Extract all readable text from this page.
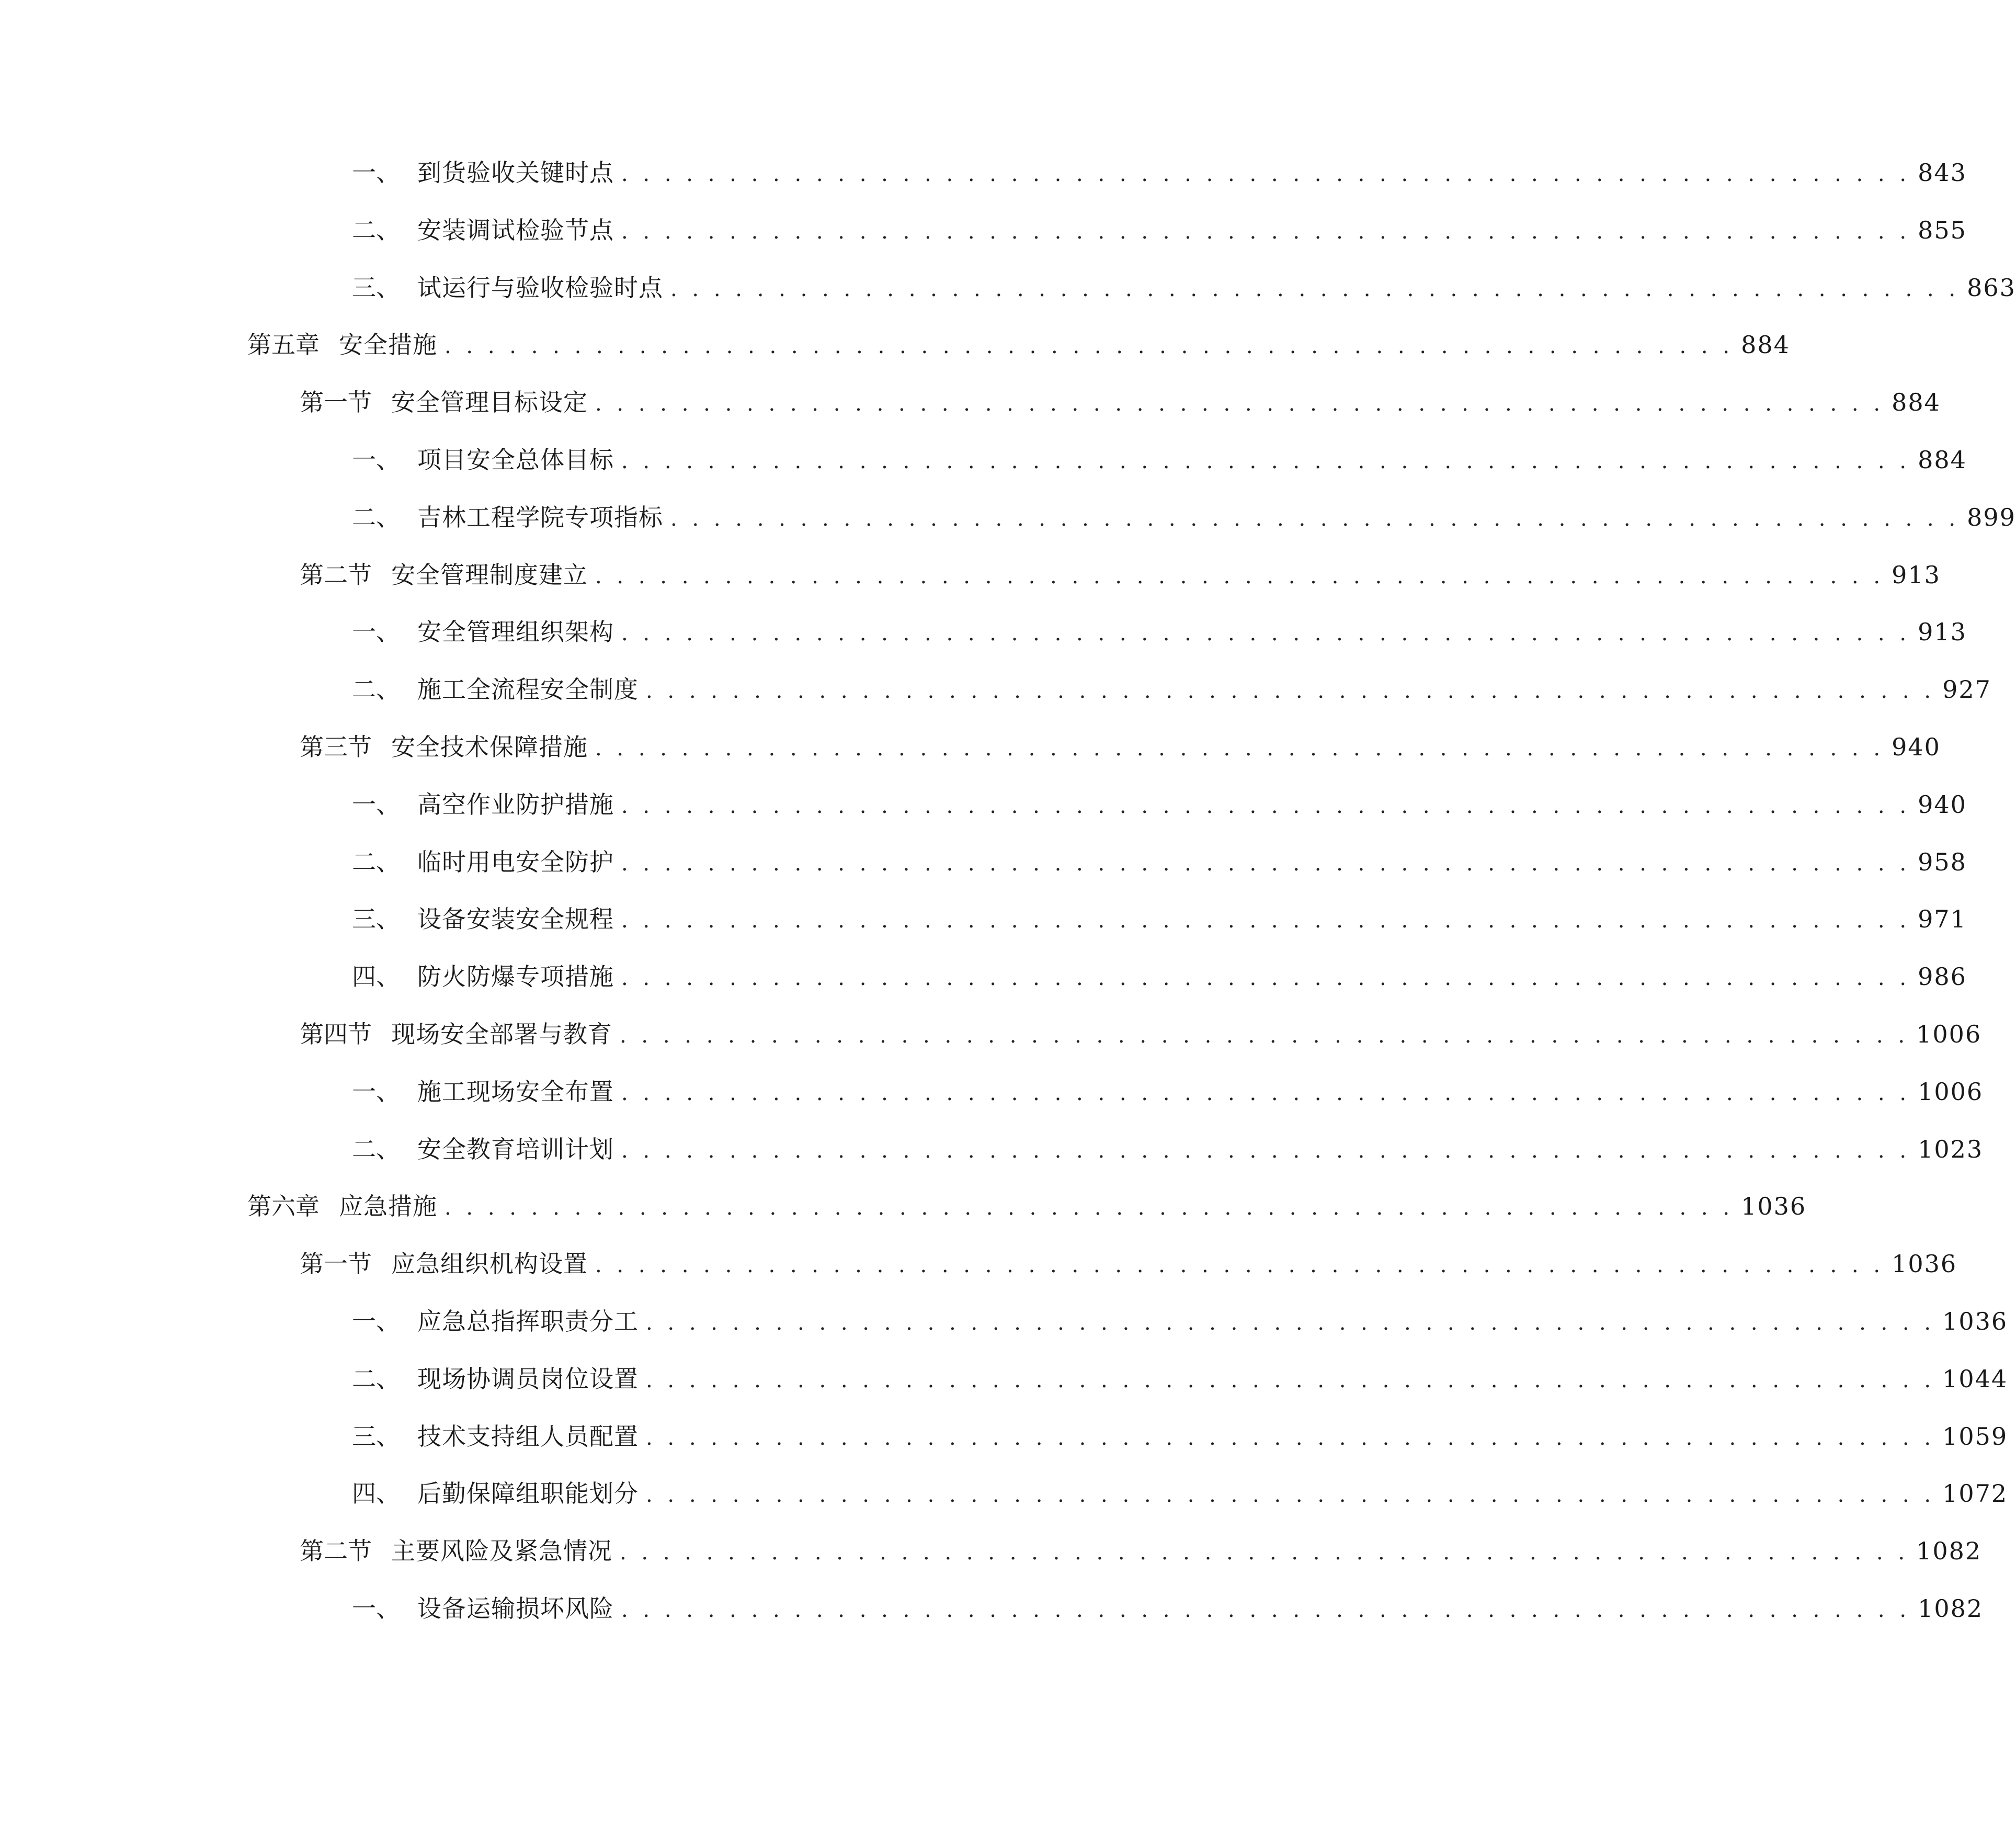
一、 到货验收关键时点 . . . . . . . . . . . . . . . . . . . . . . . . . . . . . . . . . . . . . . . . . . . . . . . . . . . . . . . . . . . . 843
二、 安装调试检验节点 . . . . . . . . . . . . . . . . . . . . . . . . . . . . . . . . . . . . . . . . . . . . . . . . . . . . . . . . . . . . 855
三、 试运行与验收检验时点 . . . . . . . . . . . . . . . . . . . . . . . . . . . . . . . . . . . . . . . . . . . . . . . . . . . . . . . . . . . . 863
第五章 安全措施 . . . . . . . . . . . . . . . . . . . . . . . . . . . . . . . . . . . . . . . . . . . . . . . . . . . . . . . . . . . . 884
第一节 安全管理目标设定 . . . . . . . . . . . . . . . . . . . . . . . . . . . . . . . . . . . . . . . . . . . . . . . . . . . . . . . . . . . . 884
一、 项目安全总体目标 . . . . . . . . . . . . . . . . . . . . . . . . . . . . . . . . . . . . . . . . . . . . . . . . . . . . . . . . . . . . 884
二、 吉林工程学院专项指标 . . . . . . . . . . . . . . . . . . . . . . . . . . . . . . . . . . . . . . . . . . . . . . . . . . . . . . . . . . . . 899
第二节 安全管理制度建立 . . . . . . . . . . . . . . . . . . . . . . . . . . . . . . . . . . . . . . . . . . . . . . . . . . . . . . . . . . . . 913
一、 安全管理组织架构 . . . . . . . . . . . . . . . . . . . . . . . . . . . . . . . . . . . . . . . . . . . . . . . . . . . . . . . . . . . . 913
二、 施工全流程安全制度 . . . . . . . . . . . . . . . . . . . . . . . . . . . . . . . . . . . . . . . . . . . . . . . . . . . . . . . . . . . . 927
第三节 安全技术保障措施 . . . . . . . . . . . . . . . . . . . . . . . . . . . . . . . . . . . . . . . . . . . . . . . . . . . . . . . . . . . . 940
一、 高空作业防护措施 . . . . . . . . . . . . . . . . . . . . . . . . . . . . . . . . . . . . . . . . . . . . . . . . . . . . . . . . . . . . 940
二、 临时用电安全防护 . . . . . . . . . . . . . . . . . . . . . . . . . . . . . . . . . . . . . . . . . . . . . . . . . . . . . . . . . . . . 958
三、 设备安装安全规程 . . . . . . . . . . . . . . . . . . . . . . . . . . . . . . . . . . . . . . . . . . . . . . . . . . . . . . . . . . . . 971
四、 防火防爆专项措施 . . . . . . . . . . . . . . . . . . . . . . . . . . . . . . . . . . . . . . . . . . . . . . . . . . . . . . . . . . . . 986
第四节 现场安全部署与教育 . . . . . . . . . . . . . . . . . . . . . . . . . . . . . . . . . . . . . . . . . . . . . . . . . . . . . . . . . . . . 1006
一、 施工现场安全布置 . . . . . . . . . . . . . . . . . . . . . . . . . . . . . . . . . . . . . . . . . . . . . . . . . . . . . . . . . . . . 1006
二、 安全教育培训计划 . . . . . . . . . . . . . . . . . . . . . . . . . . . . . . . . . . . . . . . . . . . . . . . . . . . . . . . . . . . . 1023
第六章 应急措施 . . . . . . . . . . . . . . . . . . . . . . . . . . . . . . . . . . . . . . . . . . . . . . . . . . . . . . . . . . . . 1036
第一节 应急组织机构设置 . . . . . . . . . . . . . . . . . . . . . . . . . . . . . . . . . . . . . . . . . . . . . . . . . . . . . . . . . . . . 1036
一、 应急总指挥职责分工 . . . . . . . . . . . . . . . . . . . . . . . . . . . . . . . . . . . . . . . . . . . . . . . . . . . . . . . . . . . . 1036
二、 现场协调员岗位设置 . . . . . . . . . . . . . . . . . . . . . . . . . . . . . . . . . . . . . . . . . . . . . . . . . . . . . . . . . . . . 1044
三、 技术支持组人员配置 . . . . . . . . . . . . . . . . . . . . . . . . . . . . . . . . . . . . . . . . . . . . . . . . . . . . . . . . . . . . 1059
四、 后勤保障组职能划分 . . . . . . . . . . . . . . . . . . . . . . . . . . . . . . . . . . . . . . . . . . . . . . . . . . . . . . . . . . . . 1072
第二节 主要风险及紧急情况 . . . . . . . . . . . . . . . . . . . . . . . . . . . . . . . . . . . . . . . . . . . . . . . . . . . . . . . . . . . . 1082
一、 设备运输损坏风险 . . . . . . . . . . . . . . . . . . . . . . . . . . . . . . . . . . . . . . . . . . . . . . . . . . . . . . . . . . . . 1082
